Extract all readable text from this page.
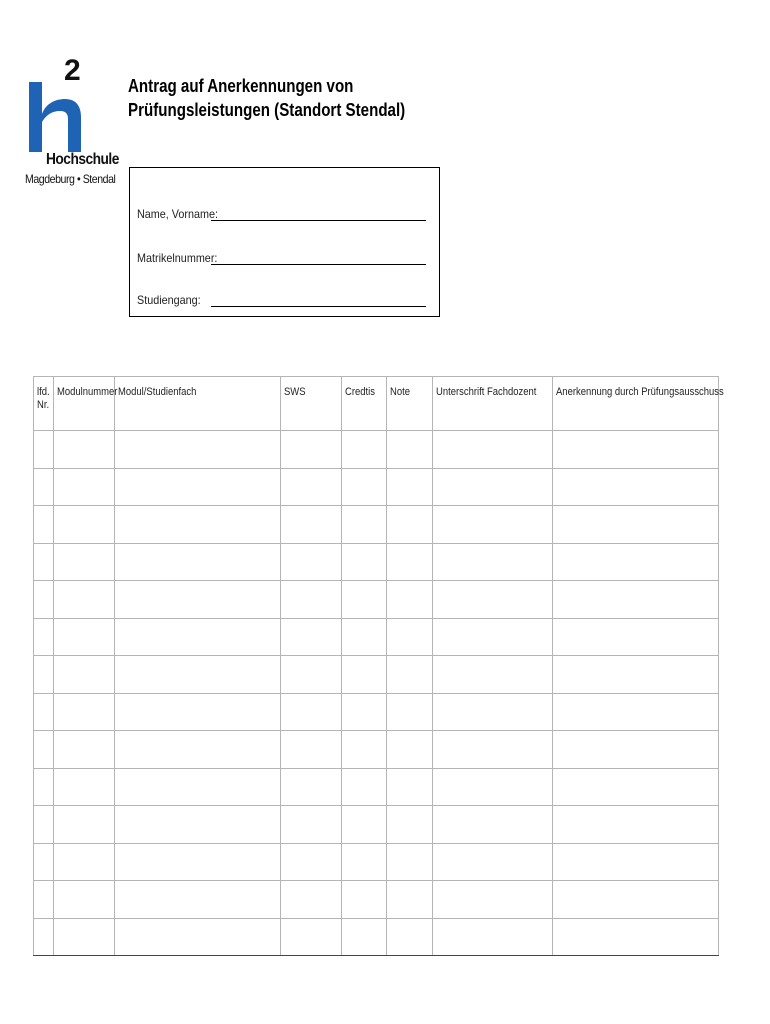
2
Hochschule
Magdeburg • Stendal
Antrag auf Anerkennungen von
Prüfungsleistungen (Standort Stendal)
Name, Vorname:
Matrikelnummer:
Studiengang:
lfd.
Nr.	Modulnummer	Modul/Studienfach	SWS	Credtis	Note	Unterschrift Fachdozent	Anerkennung durch Prüfungsausschuss
